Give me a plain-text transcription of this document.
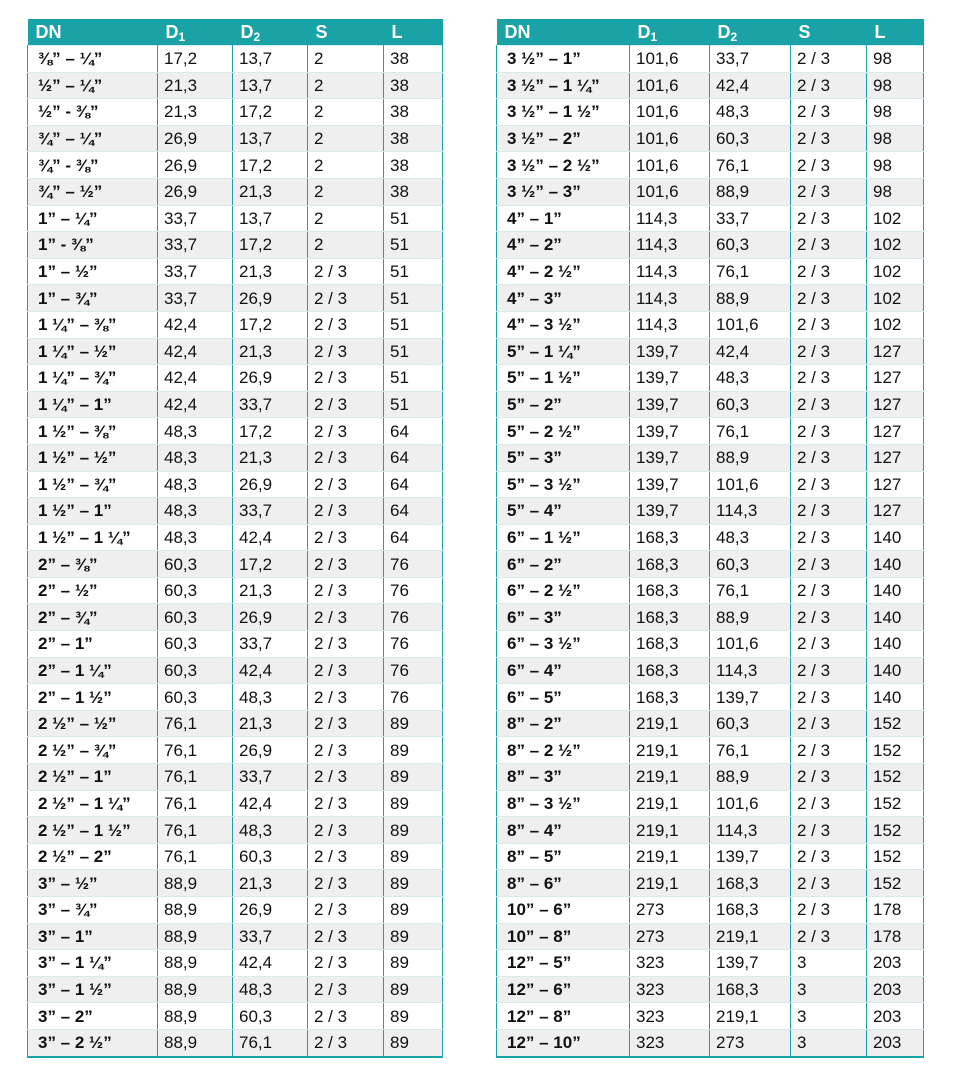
DN	$D_1$	$D_2$	S	L
⅜” – ¼”	17,2	13,7	2	38
½” – ¼”	21,3	13,7	2	38
½” - ⅜”	21,3	17,2	2	38
¾” – ¼”	26,9	13,7	2	38
¾” - ⅜”	26,9	17,2	2	38
¾” – ½”	26,9	21,3	2	38
1” – ¼”	33,7	13,7	2	51
1” - ⅜”	33,7	17,2	2	51
1” – ½”	33,7	21,3	2 / 3	51
1” – ¾”	33,7	26,9	2 / 3	51
1 ¼” – ⅜”	42,4	17,2	2 / 3	51
1 ¼” – ½”	42,4	21,3	2 / 3	51
1 ¼” – ¾”	42,4	26,9	2 / 3	51
1 ¼” – 1”	42,4	33,7	2 / 3	51
1 ½” – ⅜”	48,3	17,2	2 / 3	64
1 ½” – ½”	48,3	21,3	2 / 3	64
1 ½” – ¾”	48,3	26,9	2 / 3	64
1 ½” – 1”	48,3	33,7	2 / 3	64
1 ½” – 1 ¼”	48,3	42,4	2 / 3	64
2” – ⅜”	60,3	17,2	2 / 3	76
2” – ½”	60,3	21,3	2 / 3	76
2” – ¾”	60,3	26,9	2 / 3	76
2” – 1”	60,3	33,7	2 / 3	76
2” – 1 ¼”	60,3	42,4	2 / 3	76
2” – 1 ½”	60,3	48,3	2 / 3	76
2 ½” – ½”	76,1	21,3	2 / 3	89
2 ½” – ¾”	76,1	26,9	2 / 3	89
2 ½” – 1”	76,1	33,7	2 / 3	89
2 ½” – 1 ¼”	76,1	42,4	2 / 3	89
2 ½” – 1 ½”	76,1	48,3	2 / 3	89
2 ½” – 2”	76,1	60,3	2 / 3	89
3” – ½”	88,9	21,3	2 / 3	89
3” – ¾”	88,9	26,9	2 / 3	89
3” – 1”	88,9	33,7	2 / 3	89
3” – 1 ¼”	88,9	42,4	2 / 3	89
3” – 1 ½”	88,9	48,3	2 / 3	89
3” – 2”	88,9	60,3	2 / 3	89
3” – 2 ½”	88,9	76,1	2 / 3	89
DN	$D_1$	$D_2$	S	L
3 ½” – 1”	101,6	33,7	2 / 3	98
3 ½” – 1 ¼”	101,6	42,4	2 / 3	98
3 ½” – 1 ½”	101,6	48,3	2 / 3	98
3 ½” – 2”	101,6	60,3	2 / 3	98
3 ½” – 2 ½”	101,6	76,1	2 / 3	98
3 ½” – 3”	101,6	88,9	2 / 3	98
4” – 1”	114,3	33,7	2 / 3	102
4” – 2”	114,3	60,3	2 / 3	102
4” – 2 ½”	114,3	76,1	2 / 3	102
4” – 3”	114,3	88,9	2 / 3	102
4” – 3 ½”	114,3	101,6	2 / 3	102
5” – 1 ¼”	139,7	42,4	2 / 3	127
5” – 1 ½”	139,7	48,3	2 / 3	127
5” – 2”	139,7	60,3	2 / 3	127
5” – 2 ½”	139,7	76,1	2 / 3	127
5” – 3”	139,7	88,9	2 / 3	127
5” – 3 ½”	139,7	101,6	2 / 3	127
5” – 4”	139,7	114,3	2 / 3	127
6” – 1 ½”	168,3	48,3	2 / 3	140
6” – 2”	168,3	60,3	2 / 3	140
6” – 2 ½”	168,3	76,1	2 / 3	140
6” – 3”	168,3	88,9	2 / 3	140
6” – 3 ½”	168,3	101,6	2 / 3	140
6” – 4”	168,3	114,3	2 / 3	140
6” – 5”	168,3	139,7	2 / 3	140
8” – 2”	219,1	60,3	2 / 3	152
8” – 2 ½”	219,1	76,1	2 / 3	152
8” – 3”	219,1	88,9	2 / 3	152
8” – 3 ½”	219,1	101,6	2 / 3	152
8” – 4”	219,1	114,3	2 / 3	152
8” – 5”	219,1	139,7	2 / 3	152
8” – 6”	219,1	168,3	2 / 3	152
10” – 6”	273	168,3	2 / 3	178
10” – 8”	273	219,1	2 / 3	178
12” – 5”	323	139,7	3	203
12” – 6”	323	168,3	3	203
12” – 8”	323	219,1	3	203
12” – 10”	323	273	3	203
